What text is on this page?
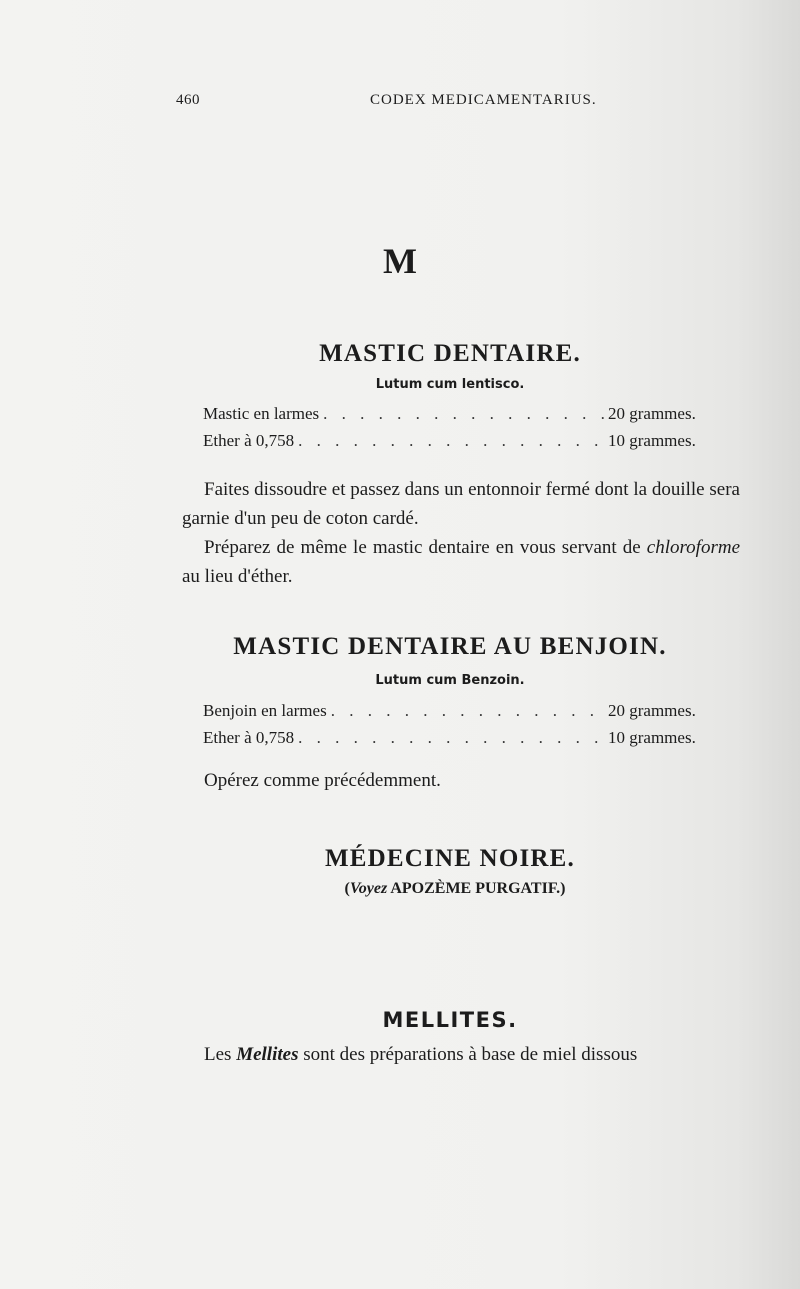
460	CODEX MEDICAMENTARIUS.
M
MASTIC DENTAIRE.
Lutum cum lentisco.
Mastic en larmes . . .	20 grammes.
Ether à 0,758 . . .	10 grammes.
Faites dissoudre et passez dans un entonnoir fermé dont la douille sera garnie d'un peu de coton cardé.
Préparez de même le mastic dentaire en vous servant de chloroforme au lieu d'éther.
MASTIC DENTAIRE AU BENJOIN.
Lutum cum Benzoin.
Benjoin en larmes . . .	20 grammes.
Ether à 0,758 . . .	10 grammes.
Opérez comme précédemment.
MÉDECINE NOIRE.
(Voyez APOZÈME PURGATIF.)
MELLITES.
Les Mellites sont des préparations à base de miel dissous
